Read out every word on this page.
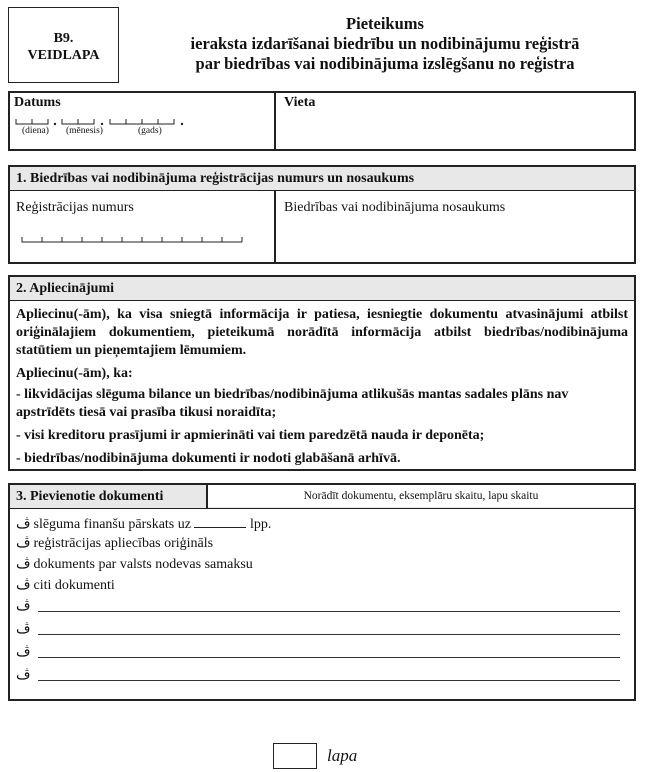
B9.
VEIDLAPA
Pieteikums
ieraksta izdarīšanai biedrību un nodibinājumu reģistrā
par biedrības vai nodibinājuma izslēgšanu no reģistra
Datums
(diena) (mēnesis)	(gads)
Vieta
1. Biedrības vai nodibinājuma reģistrācijas numurs un nosaukums
Reģistrācijas numurs	Biedrības vai nodibinājuma nosaukums
2. Apliecinājumi

Apliecinu(-ām), ka visa sniegtā informācija ir patiesa, iesniegtie dokumentu atvasinājumi atbilst oriģinālajiem dokumentiem, pieteikumā norādītā informācija atbilst biedrības/nodibinājuma statūtiem un pieņemtajiem lēmumiem.

Apliecinu(-ām), ka:

- likvidācijas slēguma bilance un biedrības/nodibinājuma atlikušās mantas sadales plāns nav apstrīdēts tiesā vai prasība tikusi noraidīta;

- visi kreditoru prasījumi ir apmierināti vai tiem paredzētā nauda ir deponēta;

- biedrības/nodibinājuma dokumenti ir nodoti glabāšanā arhīvā.

3. Pievienotie dokumenti	Norādīt dokumentu, eksemplāru skaitu, lapu skaitu
ڤ slēguma finanšu pārskats uz	lpp.
ڤ reģistrācijas apliecības oriģināls
ڤ dokuments par valsts nodevas samaksu
ڤ citi dokumenti
ڤ
ڤ
ڤ
ڤ
lapa
